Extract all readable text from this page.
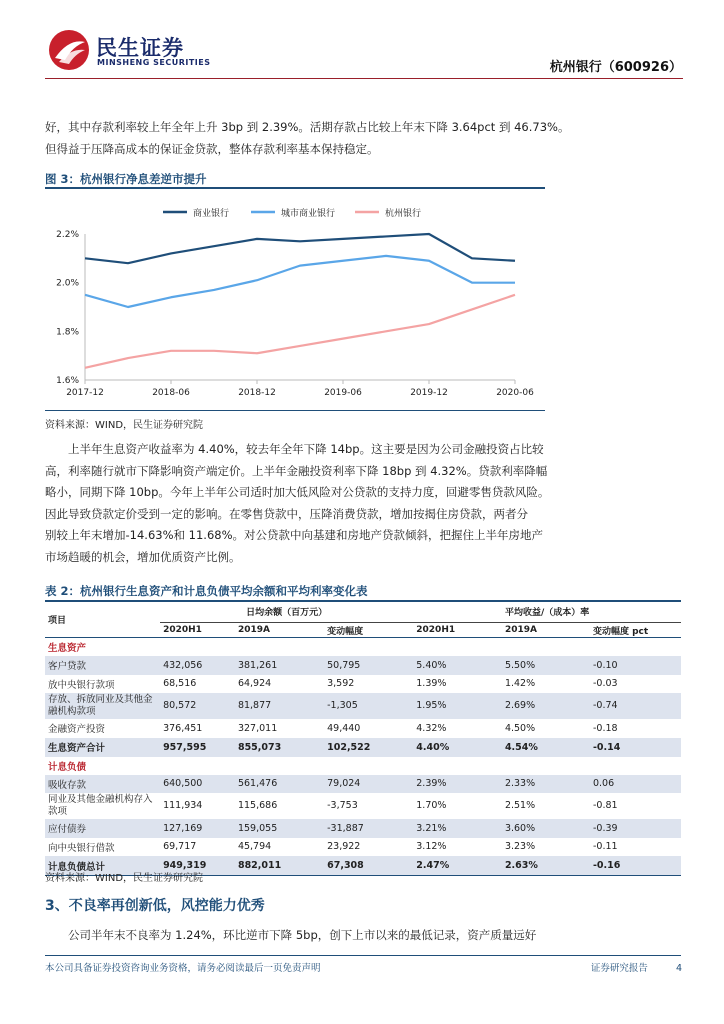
民生证券
MINSHENG SECURITIES	杭州银行（600926）

好，其中存款利率较上年全年上升 3bp 到 2.39%。活期存款占比较上年末下降 3.64pct 到 46.73%。

但得益于压降高成本的保证金贷款，整体存款利率基本保持稳定。

图 3：杭州银行净息差逆市提升
商业银行	城市商业银行	杭州银行
1.6%
1.8%
2.0%
2.2%
2017-12	2018-06	2018-12	2019-06	2019-12	2020-06
资料来源：WIND，民生证券研究院

上半年生息资产收益率为 4.40%，较去年全年下降 14bp。这主要是因为公司金融投资占比较

高，利率随行就市下降影响资产端定价。上半年金融投资利率下降 18bp 到 4.32%。贷款利率降幅

略小，同期下降 10bp。今年上半年公司适时加大低风险对公贷款的支持力度，回避零售贷款风险。

因此导致贷款定价受到一定的影响。在零售贷款中，压降消费贷款，增加按揭住房贷款，两者分

别较上年末增加-14.63%和 11.68%。对公贷款中向基建和房地产贷款倾斜，把握住上半年房地产

市场趋暖的机会，增加优质资产比例。

表 2：杭州银行生息资产和计息负债平均余额和平均利率变化表
项目	日均余额（百万元）			平均收益/（成本）率		
	2020H1	2019A	变动幅度	2020H1	2019A	变动幅度 pct
生息资产						
客户贷款	432,056	381,261	50,795	5.40%	5.50%	-0.10
放中央银行款项	68,516	64,924	3,592	1.39%	1.42%	-0.03
存放、拆放同业及其他金融机构款项	80,572	81,877	-1,305	1.95%	2.69%	-0.74
金融资产投资	376,451	327,011	49,440	4.32%	4.50%	-0.18
生息资产合计	957,595	855,073	102,522	4.40%	4.54%	-0.14
计息负债						
吸收存款	640,500	561,476	79,024	2.39%	2.33%	0.06
同业及其他金融机构存入款项	111,934	115,686	-3,753	1.70%	2.51%	-0.81
应付债券	127,169	159,055	-31,887	3.21%	3.60%	-0.39
向中央银行借款	69,717	45,794	23,922	3.12%	3.23%	-0.11
计息负债总计	949,319	882,011	67,308	2.47%	2.63%	-0.16
资料来源：WIND，民生证券研究院
3、不良率再创新低，风控能力优秀

公司半年末不良率为 1.24%，环比逆市下降 5bp，创下上市以来的最低记录，资产质量远好

本公司具备证券投资咨询业务资格，请务必阅读最后一页免责声明	证券研究报告	4
